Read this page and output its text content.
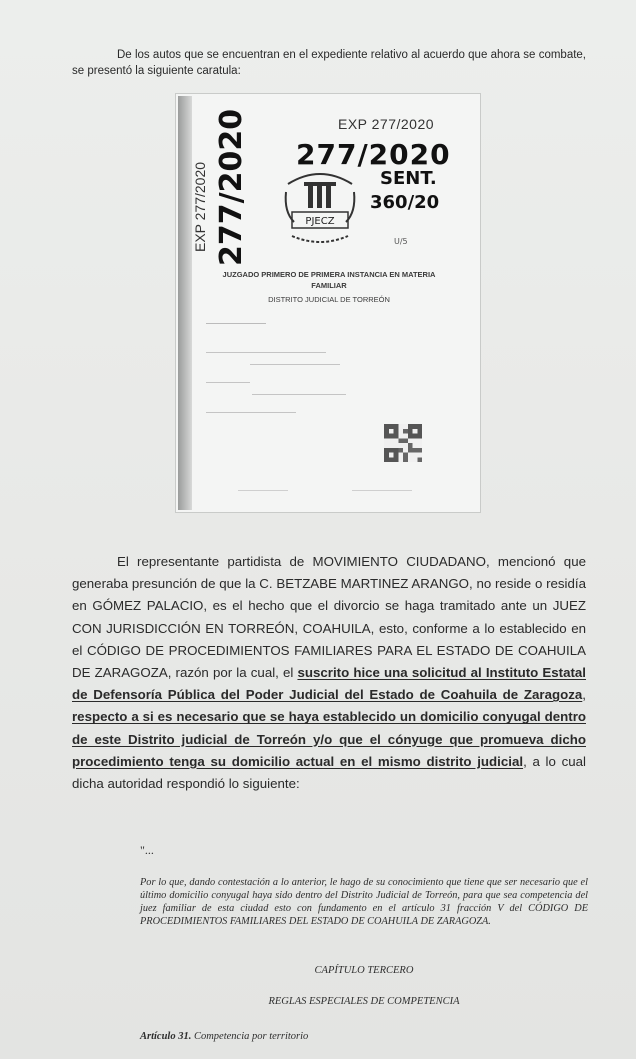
De los autos que se encuentran en el expediente relativo al acuerdo que ahora se combate, se presentó la siguiente caratula:

EXP 277/2020
277/2020
SENT.
360/20
U/5
EXP 277/2020 277/2020	PJECZ
JUZGADO PRIMERO DE PRIMERA INSTANCIA EN MATERIA
FAMILIAR
DISTRITO JUDICIAL DE TORREÓN

El representante partidista de MOVIMIENTO CIUDADANO, mencionó que generaba presunción de que la C. BETZABE MARTINEZ ARANGO, no reside o residía en GÓMEZ PALACIO, es el hecho que el divorcio se haga tramitado ante un JUEZ CON JURISDICCIÓN EN TORREÓN, COAHUILA, esto, conforme a lo establecido en el CÓDIGO DE PROCEDIMIENTOS FAMILIARES PARA EL ESTADO DE COAHUILA DE ZARAGOZA, razón por la cual, el suscrito hice una solicitud al Instituto Estatal de Defensoría Pública del Poder Judicial del Estado de Coahuila de Zaragoza, respecto a si es necesario que se haya establecido un domicilio conyugal dentro de este Distrito judicial de Torreón y/o que el cónyuge que promueva dicho procedimiento tenga su domicilio actual en el mismo distrito judicial, a lo cual dicha autoridad respondió lo siguiente:

"...
Por lo que, dando contestación a lo anterior, le hago de su conocimiento que tiene que ser necesario que el último domicilio conyugal haya sido dentro del Distrito Judicial de Torreón, para que sea competencia del juez familiar de esta ciudad esto con fundamento en el artículo 31 fracción V del CÓDIGO DE PROCEDIMIENTOS FAMILIARES DEL ESTADO DE COAHUILA DE ZARAGOZA.
CAPÍTULO TERCERO
REGLAS ESPECIALES DE COMPETENCIA
Artículo 31. Competencia por territorio
